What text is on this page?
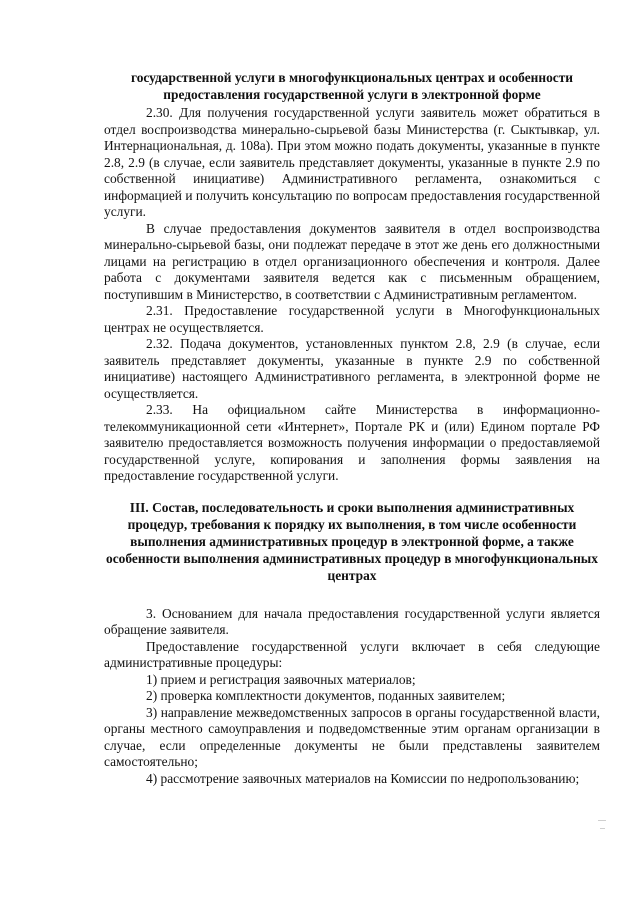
государственной услуги в многофункциональных центрах и особенности предоставления государственной услуги в электронной форме

2.30. Для получения государственной услуги заявитель может обратиться в отдел воспроизводства минерально-сырьевой базы Министерства (г. Сыктывкар, ул. Интернациональная, д. 108а). При этом можно подать документы, указанные в пункте 2.8, 2.9 (в случае, если заявитель представляет документы, указанные в пункте 2.9 по собственной инициативе) Административного регламента, ознакомиться с информацией и получить консультацию по вопросам предоставления государственной услуги.

В случае предоставления документов заявителя в отдел воспроизводства минерально-сырьевой базы, они подлежат передаче в этот же день его должностными лицами на регистрацию в отдел организационного обеспечения и контроля. Далее работа с документами заявителя ведется как с письменным обращением, поступившим в Министерство, в соответствии с Административным регламентом.

2.31. Предоставление государственной услуги в Многофункциональных центрах не осуществляется.

2.32. Подача документов, установленных пунктом 2.8, 2.9 (в случае, если заявитель представляет документы, указанные в пункте 2.9 по собственной инициативе) настоящего Административного регламента, в электронной форме не осуществляется.

2.33. На официальном сайте Министерства в информационно-телекоммуникационной сети «Интернет», Портале РК и (или) Едином портале РФ заявителю предоставляется возможность получения информации о предоставляемой государственной услуге, копирования и заполнения формы заявления на предоставление государственной услуги.

III. Состав, последовательность и сроки выполнения административных процедур, требования к порядку их выполнения, в том числе особенности выполнения административных процедур в электронной форме, а также особенности выполнения административных процедур в многофункциональных центрах

3. Основанием для начала предоставления государственной услуги является обращение заявителя.

Предоставление государственной услуги включает в себя следующие административные процедуры:

1) прием и регистрация заявочных материалов;

2) проверка комплектности документов, поданных заявителем;

3) направление межведомственных запросов в органы государственной власти, органы местного самоуправления и подведомственные этим органам организации в случае, если определенные документы не были представлены заявителем самостоятельно;

4) рассмотрение заявочных материалов на Комиссии по недропользованию;
